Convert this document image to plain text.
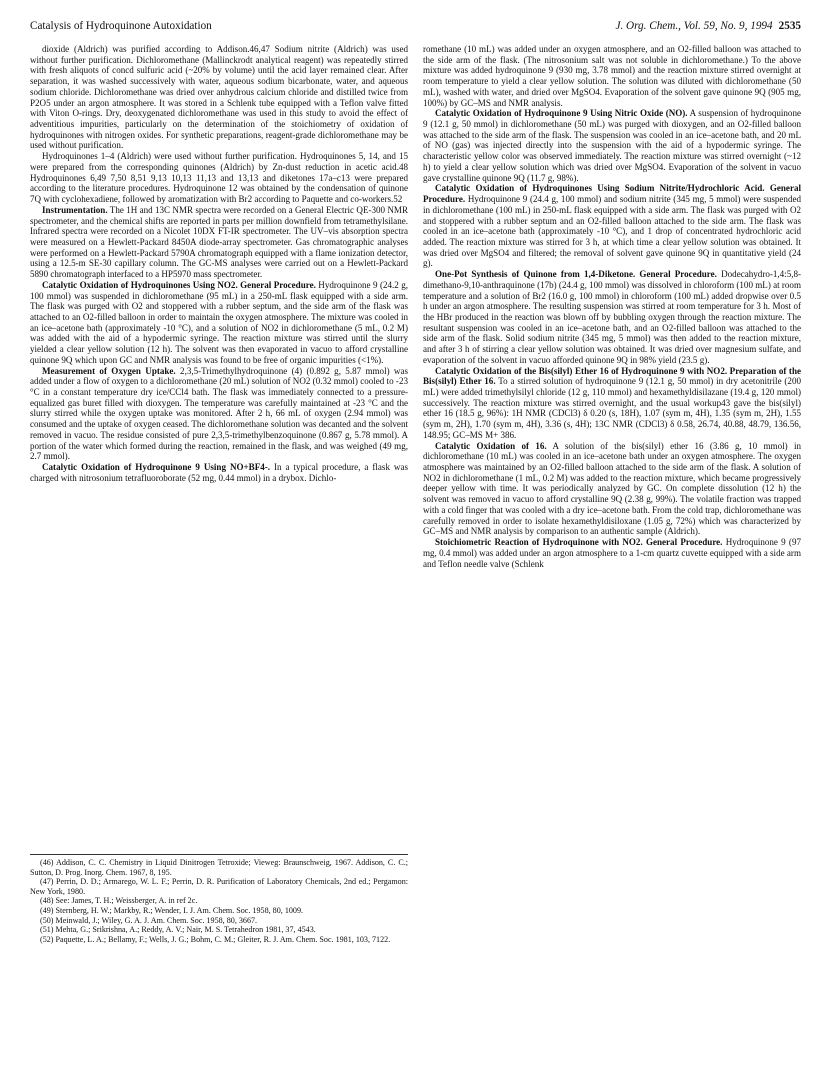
Catalysis of Hydroquinone Autoxidation	J. Org. Chem., Vol. 59, No. 9, 1994 2535

dioxide (Aldrich) was purified according to Addison.46,47 Sodium nitrite (Aldrich) was used without further purification. Dichloromethane (Mallinckrodt analytical reagent) was repeatedly stirred with fresh aliquots of concd sulfuric acid (~20% by volume) until the acid layer remained clear. After separation, it was washed successively with water, aqueous sodium bicarbonate, water, and aqueous sodium chloride. Dichloromethane was dried over anhydrous calcium chloride and distilled twice from P2O5 under an argon atmosphere. It was stored in a Schlenk tube equipped with a Teflon valve fitted with Viton O-rings. Dry, deoxygenated dichloromethane was used in this study to avoid the effect of adventitious impurities, particularly on the determination of the stoichiometry of oxidation of hydroquinones with nitrogen oxides. For synthetic preparations, reagent-grade dichloromethane may be used without purification.

Hydroquinones 1–4 (Aldrich) were used without further purification. Hydroquinones 5, 14, and 15 were prepared from the corresponding quinones (Aldrich) by Zn-dust reduction in acetic acid.48 Hydroquinones 6,49 7,50 8,51 9,13 10,13 11,13 and 13,13 and diketones 17a–c13 were prepared according to the literature procedures. Hydroquinone 12 was obtained by the condensation of quinone 7Q with cyclohexadiene, followed by aromatization with Br2 according to Paquette and co-workers.52

Instrumentation. The 1H and 13C NMR spectra were recorded on a General Electric QE-300 NMR spectrometer, and the chemical shifts are reported in parts per million downfield from tetramethylsilane. Infrared spectra were recorded on a Nicolet 10DX FT-IR spectrometer. The UV–vis absorption spectra were measured on a Hewlett-Packard 8450A diode-array spectrometer. Gas chromatographic analyses were performed on a Hewlett-Packard 5790A chromatograph equipped with a flame ionization detector, using a 12.5-m SE-30 capillary column. The GC-MS analyses were carried out on a Hewlett-Packard 5890 chromatograph interfaced to a HP5970 mass spectrometer.

Catalytic Oxidation of Hydroquinones Using NO2. General Procedure. Hydroquinone 9 (24.2 g, 100 mmol) was suspended in dichloromethane (95 mL) in a 250-mL flask equipped with a side arm. The flask was purged with O2 and stoppered with a rubber septum, and the side arm of the flask was attached to an O2-filled balloon in order to maintain the oxygen atmosphere. The mixture was cooled in an ice–acetone bath (approximately -10 °C), and a solution of NO2 in dichloromethane (5 mL, 0.2 M) was added with the aid of a hypodermic syringe. The reaction mixture was stirred until the slurry yielded a clear yellow solution (12 h). The solvent was then evaporated in vacuo to afford crystalline quinone 9Q which upon GC and NMR analysis was found to be free of organic impurities (<1%).

Measurement of Oxygen Uptake. 2,3,5-Trimethylhydroquinone (4) (0.892 g, 5.87 mmol) was added under a flow of oxygen to a dichloromethane (20 mL) solution of NO2 (0.32 mmol) cooled to -23 °C in a constant temperature dry ice/CCl4 bath. The flask was immediately connected to a pressure-equalized gas buret filled with dioxygen. The temperature was carefully maintained at -23 °C and the slurry stirred while the oxygen uptake was monitored. After 2 h, 66 mL of oxygen (2.94 mmol) was consumed and the uptake of oxygen ceased. The dichloromethane solution was decanted and the solvent removed in vacuo. The residue consisted of pure 2,3,5-trimethylbenzoquinone (0.867 g, 5.78 mmol). A portion of the water which formed during the reaction, remained in the flask, and was weighed (49 mg, 2.7 mmol).

Catalytic Oxidation of Hydroquinone 9 Using NO+BF4-. In a typical procedure, a flask was charged with nitrosonium tetrafluoroborate (52 mg, 0.44 mmol) in a drybox. Dichlo-

(46) Addison, C. C. Chemistry in Liquid Dinitrogen Tetroxide; Vieweg: Braunschweig, 1967. Addison, C. C.; Sutton, D. Prog. Inorg. Chem. 1967, 8, 195.

(47) Perrin, D. D.; Armarego, W. L. F.; Perrin, D. R. Purification of Laboratory Chemicals, 2nd ed.; Pergamon: New York, 1980.

(48) See: James, T. H.; Weissberger, A. in ref 2c.

(49) Sternberg, H. W.; Markby, R.; Wender, I. J. Am. Chem. Soc. 1958, 80, 1009.

(50) Meinwald, J.; Wiley, G. A. J. Am. Chem. Soc. 1958, 80, 3667.

(51) Mehta, G.; Srikrishna, A.; Reddy, A. V.; Nair, M. S. Tetrahedron 1981, 37, 4543.

(52) Paquette, L. A.; Bellamy, F.; Wells, J. G.; Bohm, C. M.; Gleiter, R. J. Am. Chem. Soc. 1981, 103, 7122.

romethane (10 mL) was added under an oxygen atmosphere, and an O2-filled balloon was attached to the side arm of the flask. (The nitrosonium salt was not soluble in dichloromethane.) To the above mixture was added hydroquinone 9 (930 mg, 3.78 mmol) and the reaction mixture stirred overnight at room temperature to yield a clear yellow solution. The solution was diluted with dichloromethane (50 mL), washed with water, and dried over MgSO4. Evaporation of the solvent gave quinone 9Q (905 mg, 100%) by GC–MS and NMR analysis.

Catalytic Oxidation of Hydroquinone 9 Using Nitric Oxide (NO). A suspension of hydroquinone 9 (12.1 g, 50 mmol) in dichloromethane (50 mL) was purged with dioxygen, and an O2-filled balloon was attached to the side arm of the flask. The suspension was cooled in an ice–acetone bath, and 20 mL of NO (gas) was injected directly into the suspension with the aid of a hypodermic syringe. The characteristic yellow color was observed immediately. The reaction mixture was stirred overnight (~12 h) to yield a clear yellow solution which was dried over MgSO4. Evaporation of the solvent in vacuo gave crystalline quinone 9Q (11.7 g, 98%).

Catalytic Oxidation of Hydroquinones Using Sodium Nitrite/Hydrochloric Acid. General Procedure. Hydroquinone 9 (24.4 g, 100 mmol) and sodium nitrite (345 mg, 5 mmol) were suspended in dichloromethane (100 mL) in 250-mL flask equipped with a side arm. The flask was purged with O2 and stoppered with a rubber septum and an O2-filled balloon attached to the side arm. The flask was cooled in an ice–acetone bath (approximately -10 °C), and 1 drop of concentrated hydrochloric acid added. The reaction mixture was stirred for 3 h, at which time a clear yellow solution was obtained. It was dried over MgSO4 and filtered; the removal of solvent gave quinone 9Q in quantitative yield (24 g).

One-Pot Synthesis of Quinone from 1,4-Diketone. General Procedure. Dodecahydro-1,4:5,8-dimethano-9,10-anthraquinone (17b) (24.4 g, 100 mmol) was dissolved in chloroform (100 mL) at room temperature and a solution of Br2 (16.0 g, 100 mmol) in chloroform (100 mL) added dropwise over 0.5 h under an argon atmosphere. The resulting suspension was stirred at room temperature for 3 h. Most of the HBr produced in the reaction was blown off by bubbling oxygen through the reaction mixture. The resultant suspension was cooled in an ice–acetone bath, and an O2-filled balloon was attached to the side arm of the flask. Solid sodium nitrite (345 mg, 5 mmol) was then added to the reaction mixture, and after 3 h of stirring a clear yellow solution was obtained. It was dried over magnesium sulfate, and evaporation of the solvent in vacuo afforded quinone 9Q in 98% yield (23.5 g).

Catalytic Oxidation of the Bis(silyl) Ether 16 of Hydroquinone 9 with NO2. Preparation of the Bis(silyl) Ether 16. To a stirred solution of hydroquinone 9 (12.1 g, 50 mmol) in dry acetonitrile (200 mL) were added trimethylsilyl chloride (12 g, 110 mmol) and hexamethyldisilazane (19.4 g, 120 mmol) successively. The reaction mixture was stirred overnight, and the usual workup43 gave the bis(silyl) ether 16 (18.5 g, 96%): 1H NMR (CDCl3) δ 0.20 (s, 18H), 1.07 (sym m, 4H), 1.35 (sym m, 2H), 1.55 (sym m, 2H), 1.70 (sym m, 4H), 3.36 (s, 4H); 13C NMR (CDCl3) δ 0.58, 26.74, 40.88, 48.79, 136.56, 148.95; GC–MS M+ 386.

Catalytic Oxidation of 16. A solution of the bis(silyl) ether 16 (3.86 g, 10 mmol) in dichloromethane (10 mL) was cooled in an ice–acetone bath under an oxygen atmosphere. The oxygen atmosphere was maintained by an O2-filled balloon attached to the side arm of the flask. A solution of NO2 in dichloromethane (1 mL, 0.2 M) was added to the reaction mixture, which became progressively deeper yellow with time. It was periodically analyzed by GC. On complete dissolution (12 h) the solvent was removed in vacuo to afford crystalline 9Q (2.38 g, 99%). The volatile fraction was trapped with a cold finger that was cooled with a dry ice–acetone bath. From the cold trap, dichloromethane was carefully removed in order to isolate hexamethyldisiloxane (1.05 g, 72%) which was characterized by GC–MS and NMR analysis by comparison to an authentic sample (Aldrich).

Stoichiometric Reaction of Hydroquinone with NO2. General Procedure. Hydroquinone 9 (97 mg, 0.4 mmol) was added under an argon atmosphere to a 1-cm quartz cuvette equipped with a side arm and Teflon needle valve (Schlenk
